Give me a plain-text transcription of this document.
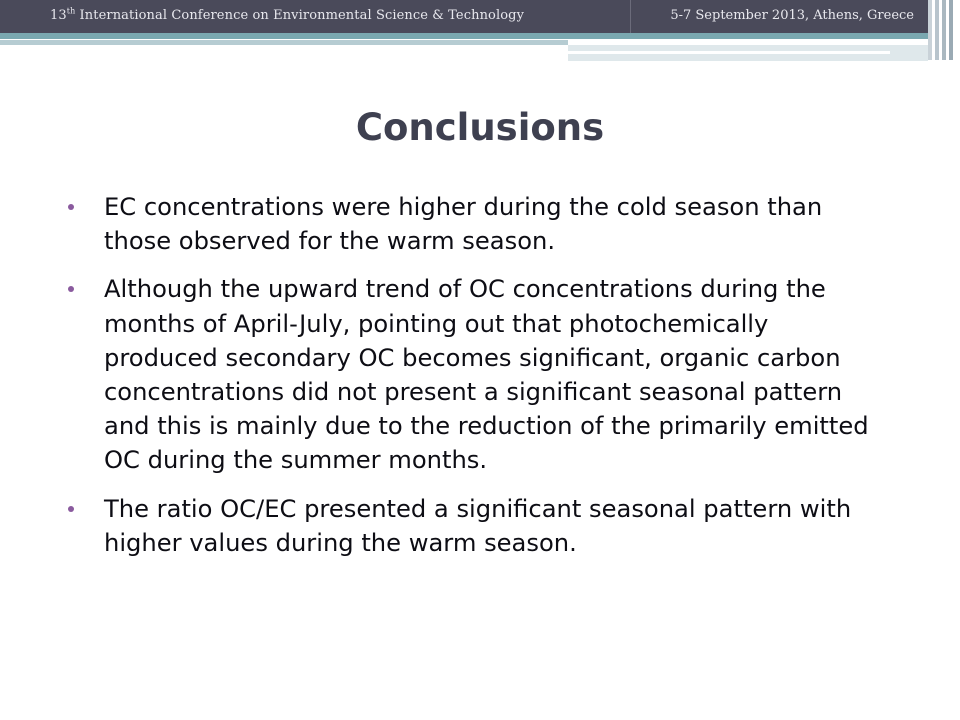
13th International Conference on Environmental Science & Technology	5-7 September 2013, Athens, Greece
Conclusions
EC concentrations were higher during the cold season than those observed for the warm season.
Although the upward trend of OC concentrations during the months of April-July, pointing out that photochemically produced secondary OC becomes significant, organic carbon concentrations did not present a significant seasonal pattern and this is mainly due to the reduction of the primarily emitted OC during the summer months.
The ratio OC/EC presented a significant seasonal pattern with higher values during the warm season.
